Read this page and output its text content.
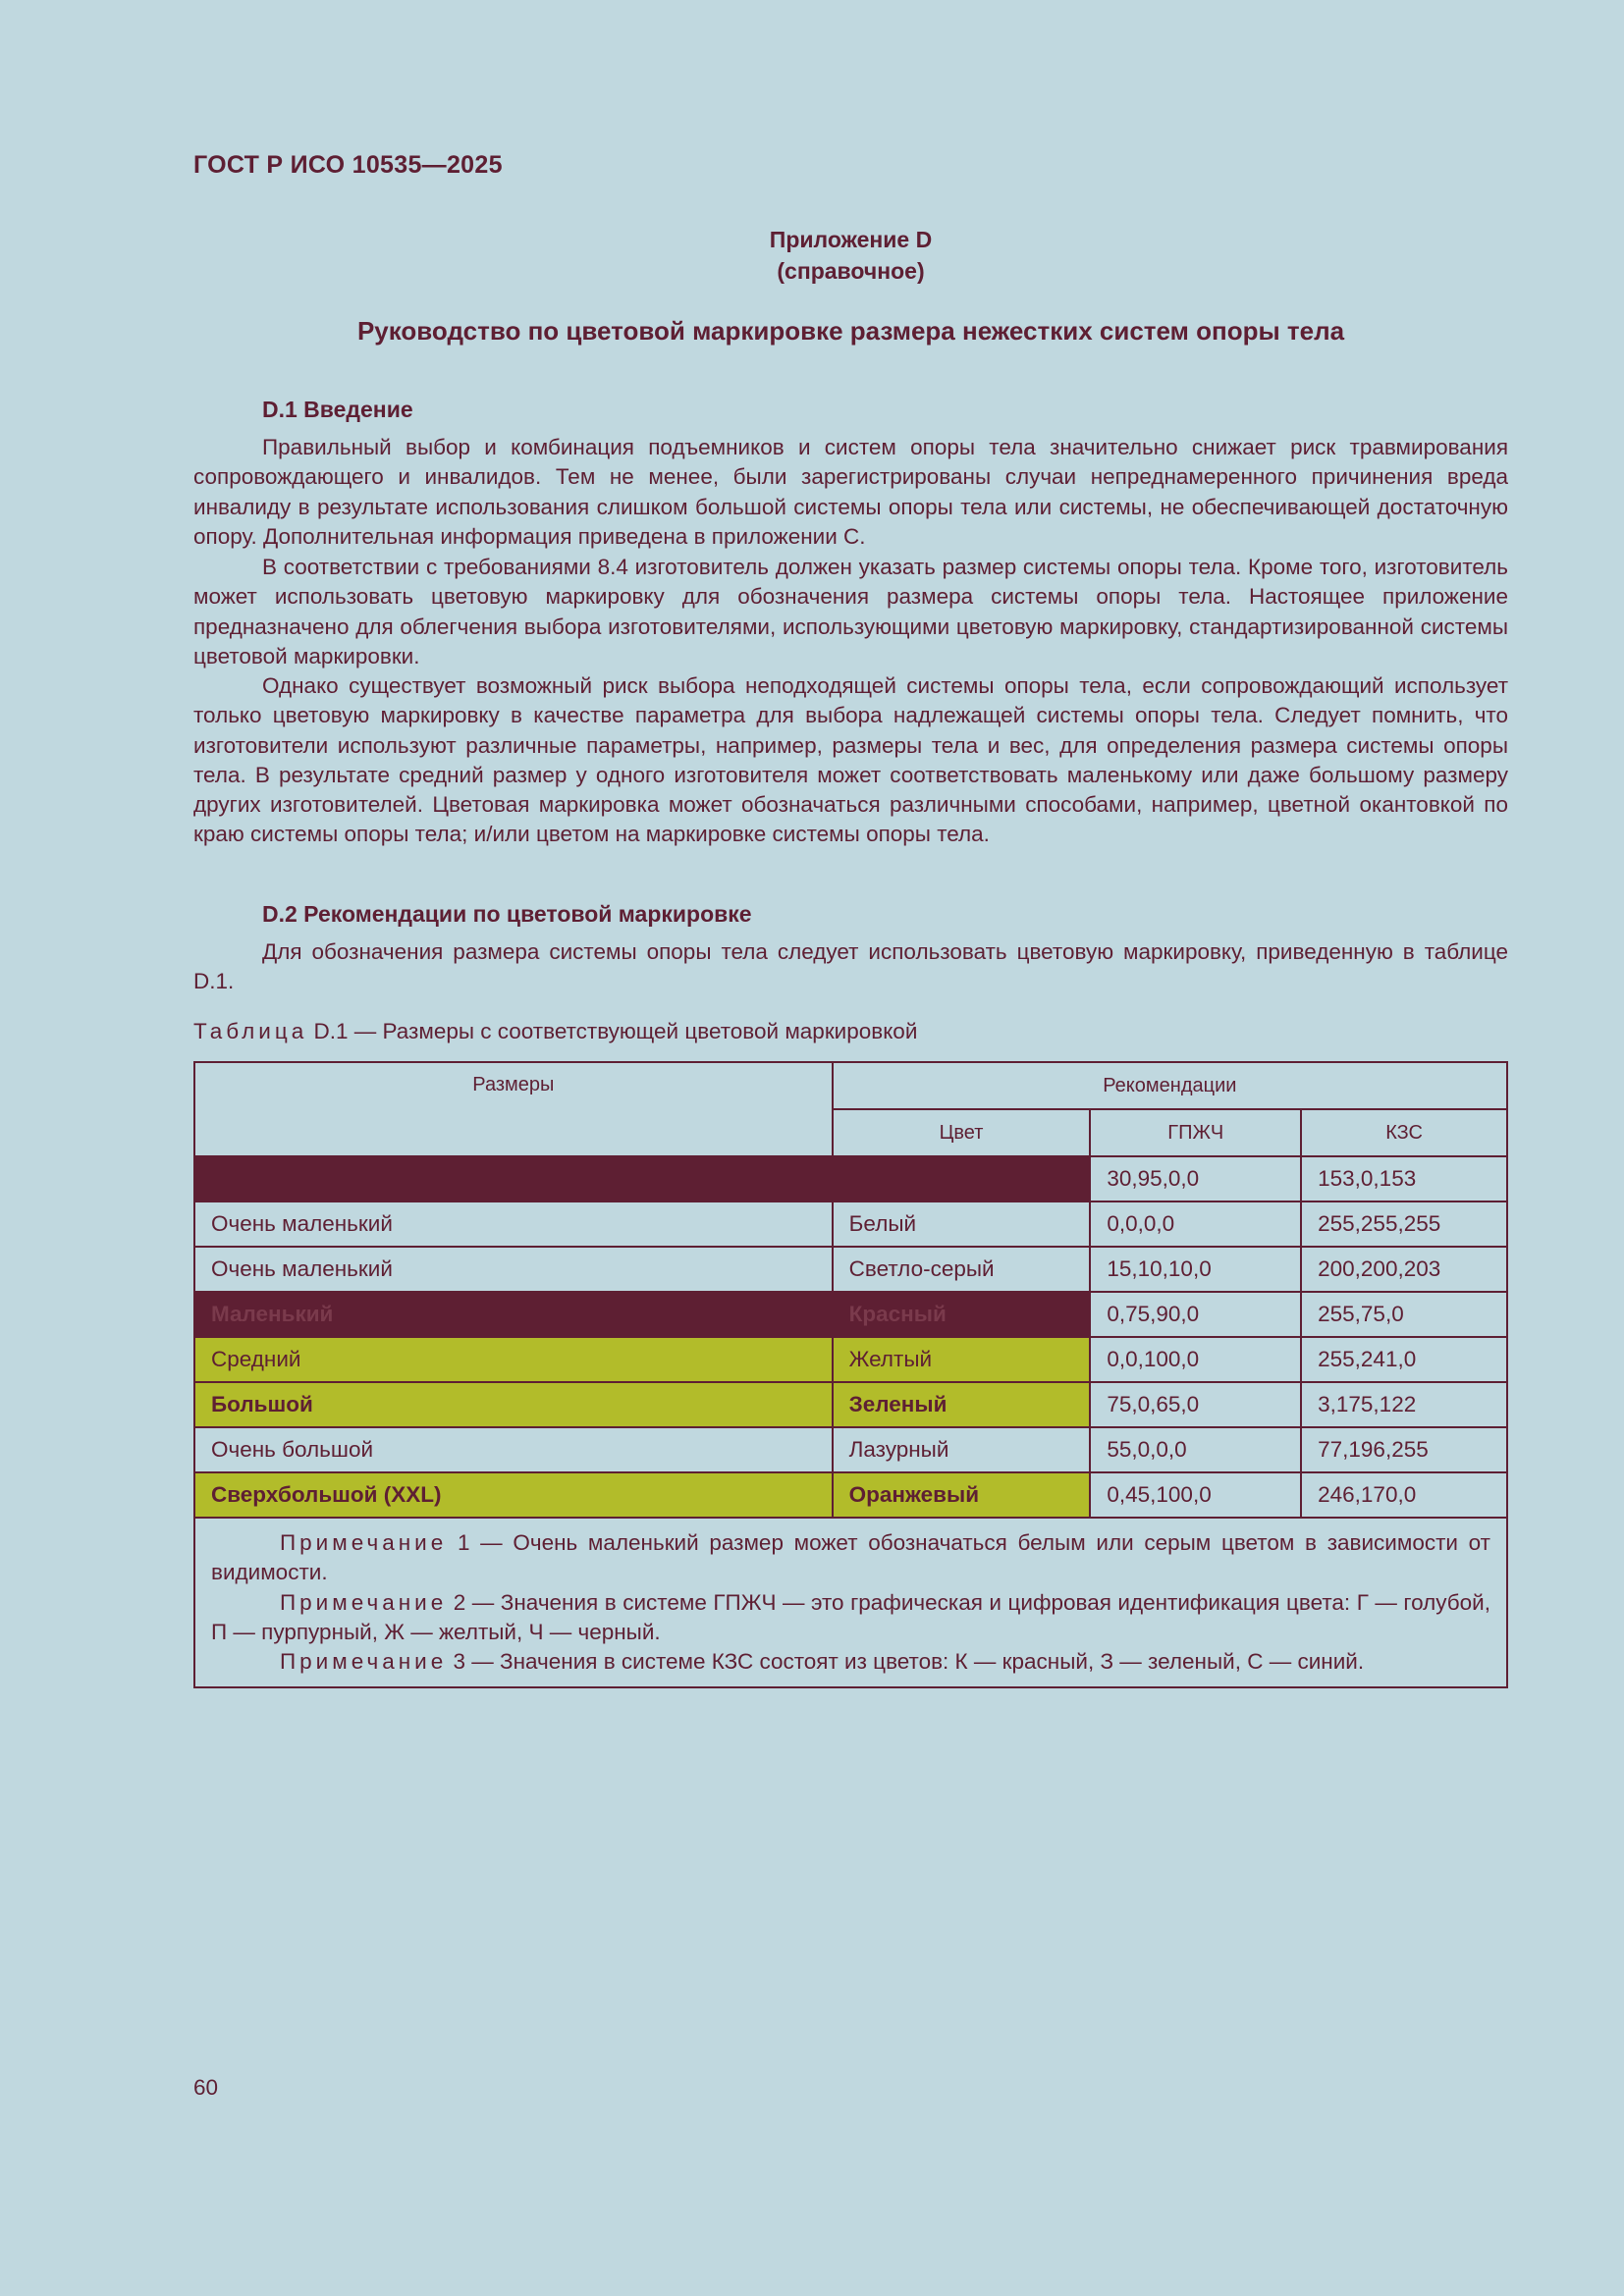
ГОСТ Р ИСО 10535—2025
Приложение D
(справочное)
Руководство по цветовой маркировке размера нежестких систем опоры тела
D.1 Введение

Правильный выбор и комбинация подъемников и систем опоры тела значительно снижает риск травмирования сопровождающего и инвалидов. Тем не менее, были зарегистрированы случаи непреднамеренного причинения вреда инвалиду в результате использования слишком большой системы опоры тела или системы, не обеспечивающей достаточную опору. Дополнительная информация приведена в приложении C.

В соответствии с требованиями 8.4 изготовитель должен указать размер системы опоры тела. Кроме того, изготовитель может использовать цветовую маркировку для обозначения размера системы опоры тела. Настоящее приложение предназначено для облегчения выбора изготовителями, использующими цветовую маркировку, стандартизированной системы цветовой маркировки.

Однако существует возможный риск выбора неподходящей системы опоры тела, если сопровождающий использует только цветовую маркировку в качестве параметра для выбора надлежащей системы опоры тела. Следует помнить, что изготовители используют различные параметры, например, размеры тела и вес, для определения размера системы опоры тела. В результате средний размер у одного изготовителя может соответствовать маленькому или даже большому размеру других изготовителей. Цветовая маркировка может обозначаться различными способами, например, цветной окантовкой по краю системы опоры тела; и/или цветом на маркировке системы опоры тела.

D.2 Рекомендации по цветовой маркировке

Для обозначения размера системы опоры тела следует использовать цветовую маркировку, приведенную в таблице D.1.

Таблица D.1 — Размеры с соответствующей цветовой маркировкой
Размеры	Рекомендации		
	Цвет	ГПЖЧ	КЗС
		30,95,0,0	153,0,153
Очень маленький	Белый	0,0,0,0	255,255,255
Очень маленький	Светло-серый	15,10,10,0	200,200,203
Маленький	Красный	0,75,90,0	255,75,0
Средний	Желтый	0,0,100,0	255,241,0
Большой	Зеленый	75,0,65,0	3,175,122
Очень большой	Лазурный	55,0,0,0	77,196,255
Сверхбольшой (XXL)	Оранжевый	0,45,100,0	246,170,0

Примечание 1 — Очень маленький размер может обозначаться белым или серым цветом в зависимости от видимости.

Примечание 2 — Значения в системе ГПЖЧ — это графическая и цифровая идентификация цвета: Г — голубой, П — пурпурный, Ж — желтый, Ч — черный.

Примечание 3 — Значения в системе КЗС состоят из цветов: К — красный, З — зеленый, С — синий.			

60
